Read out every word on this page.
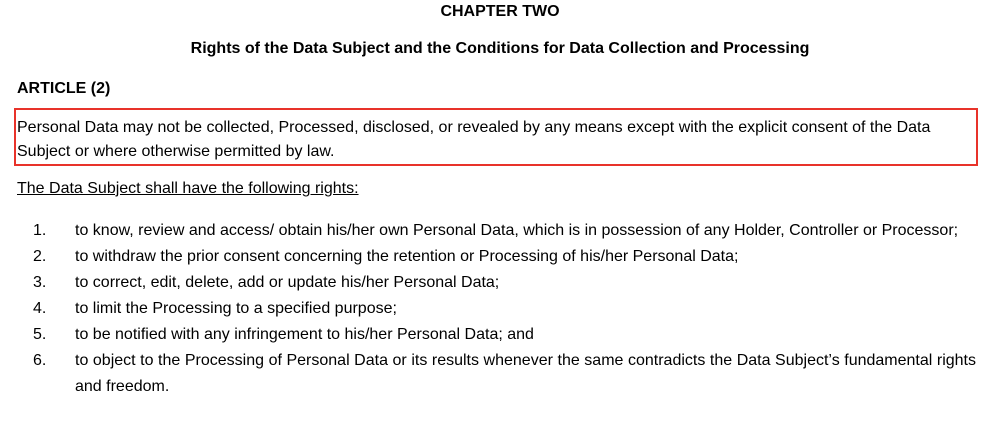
CHAPTER TWO
Rights of the Data Subject and the Conditions for Data Collection and Processing
ARTICLE (2)
Personal Data may not be collected, Processed, disclosed, or revealed by any means except with the explicit consent of the Data Subject or where otherwise permitted by law.
The Data Subject shall have the following rights:
1. to know, review and access/ obtain his/her own Personal Data, which is in possession of any Holder, Controller or Processor;
2. to withdraw the prior consent concerning the retention or Processing of his/her Personal Data;
3. to correct, edit, delete, add or update his/her Personal Data;
4. to limit the Processing to a specified purpose;
5. to be notified with any infringement to his/her Personal Data; and
6. to object to the Processing of Personal Data or its results whenever the same contradicts the Data Subject’s fundamental rights and freedom.
